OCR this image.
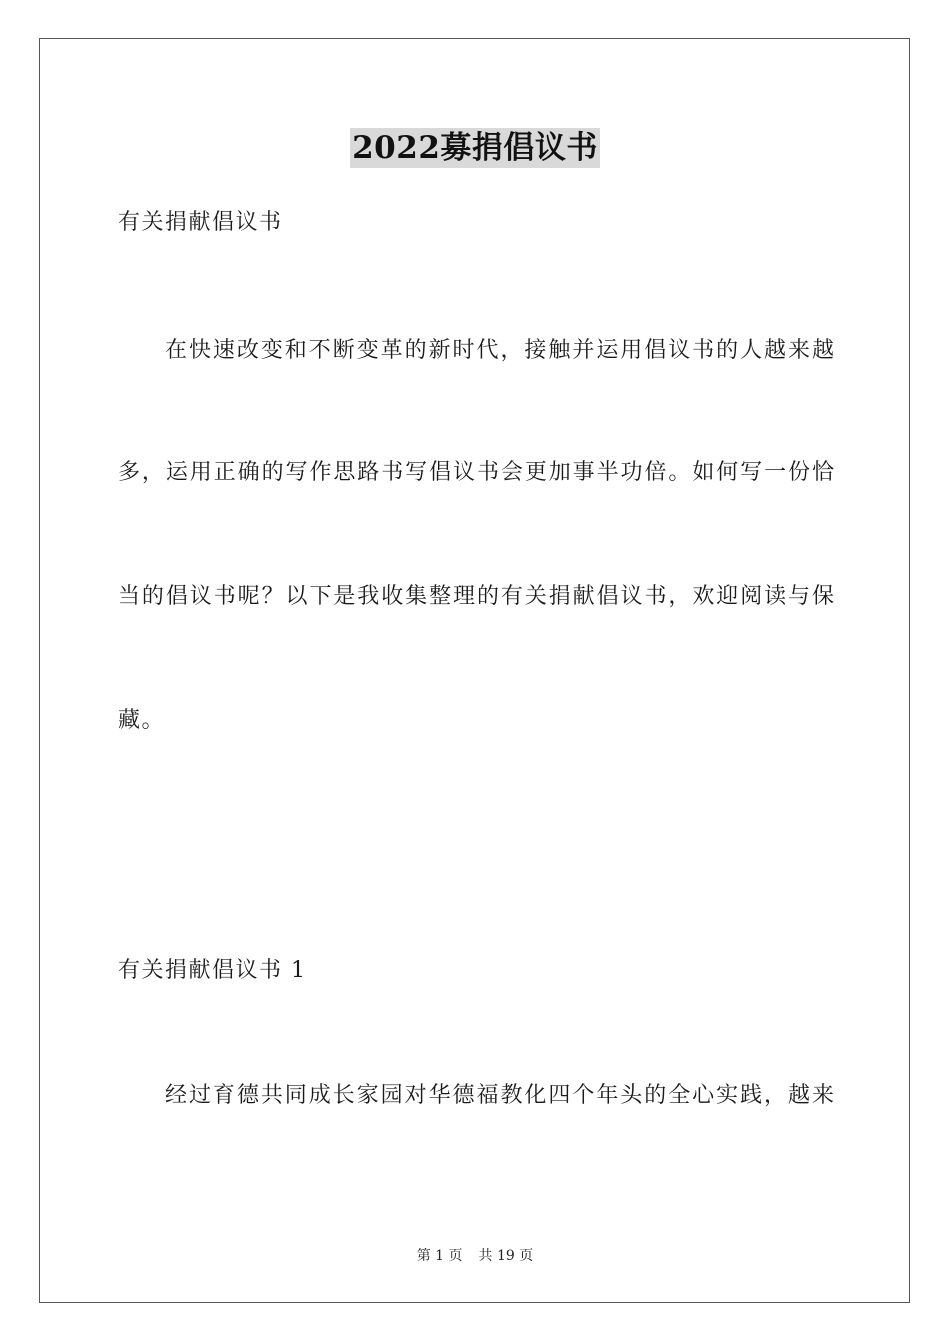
2022募捐倡议书
有关捐献倡议书
在快速改变和不断变革的新时代，接触并运用倡议书的人越来越
多，运用正确的写作思路书写倡议书会更加事半功倍。如何写一份恰
当的倡议书呢？以下是我收集整理的有关捐献倡议书，欢迎阅读与保
藏。
有关捐献倡议书 1
经过育德共同成长家园对华德福教化四个年头的全心实践，越来
第 1 页 共 19 页
